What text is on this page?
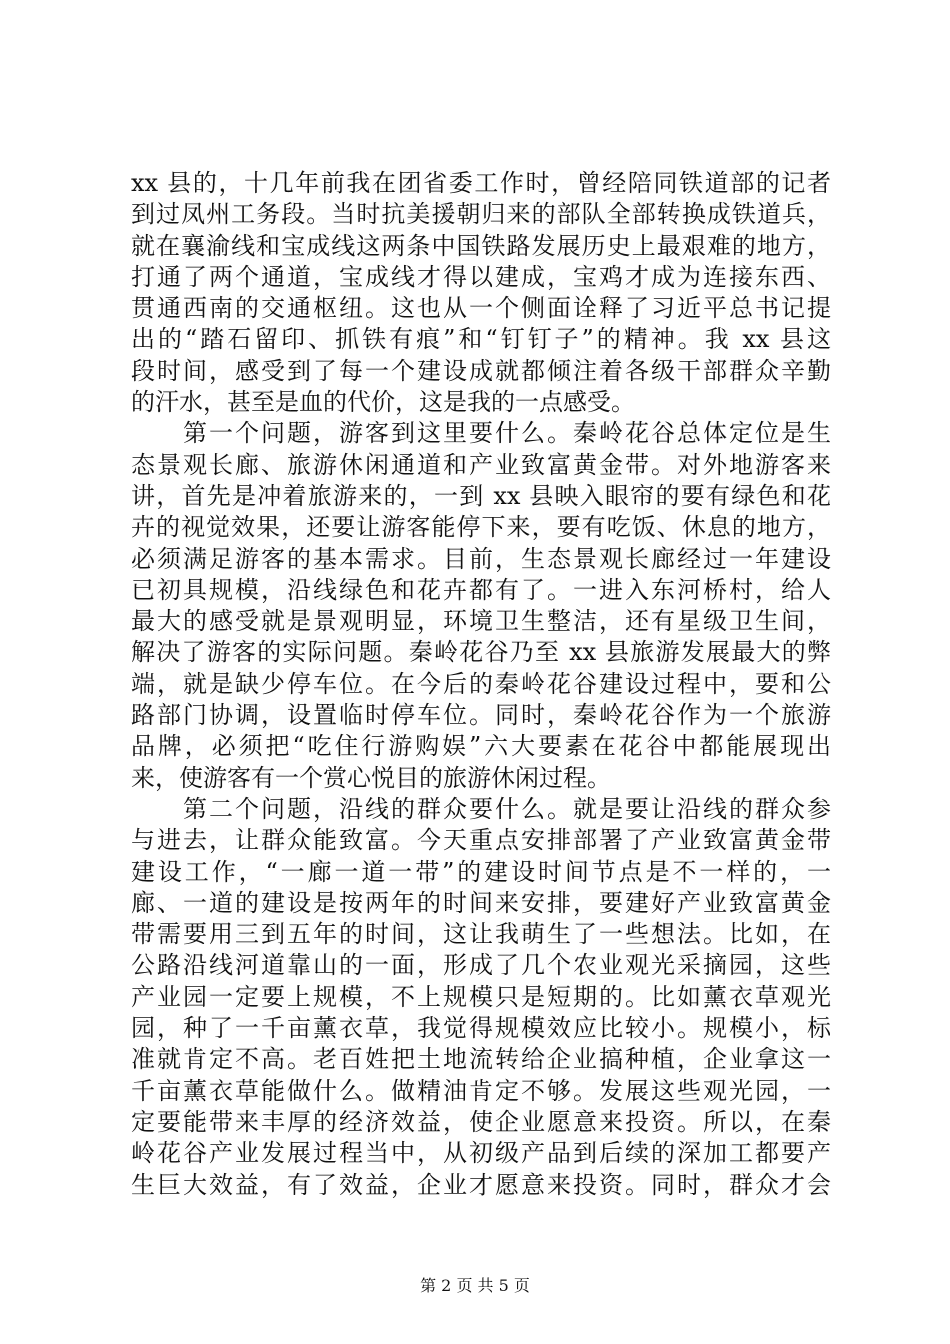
xx 县的，十几年前我在团省委工作时，曾经陪同铁道部的记者
到过凤州工务段。当时抗美援朝归来的部队全部转换成铁道兵，
就在襄渝线和宝成线这两条中国铁路发展历史上最艰难的地方，
打通了两个通道，宝成线才得以建成，宝鸡才成为连接东西、
贯通西南的交通枢纽。这也从一个侧面诠释了习近平总书记提
出的“踏石留印、抓铁有痕”和“钉钉子”的精神。我 xx 县这
段时间，感受到了每一个建设成就都倾注着各级干部群众辛勤
的汗水，甚至是血的代价，这是我的一点感受。
　　第一个问题，游客到这里要什么。秦岭花谷总体定位是生
态景观长廊、旅游休闲通道和产业致富黄金带。对外地游客来
讲，首先是冲着旅游来的，一到 xx 县映入眼帘的要有绿色和花
卉的视觉效果，还要让游客能停下来，要有吃饭、休息的地方，
必须满足游客的基本需求。目前，生态景观长廊经过一年建设
已初具规模，沿线绿色和花卉都有了。一进入东河桥村，给人
最大的感受就是景观明显，环境卫生整洁，还有星级卫生间，
解决了游客的实际问题。秦岭花谷乃至 xx 县旅游发展最大的弊
端，就是缺少停车位。在今后的秦岭花谷建设过程中，要和公
路部门协调，设置临时停车位。同时，秦岭花谷作为一个旅游
品牌，必须把“吃住行游购娱”六大要素在花谷中都能展现出
来，使游客有一个赏心悦目的旅游休闲过程。
　　第二个问题，沿线的群众要什么。就是要让沿线的群众参
与进去，让群众能致富。今天重点安排部署了产业致富黄金带
建设工作，“一廊一道一带”的建设时间节点是不一样的，一
廊、一道的建设是按两年的时间来安排，要建好产业致富黄金
带需要用三到五年的时间，这让我萌生了一些想法。比如，在
公路沿线河道靠山的一面，形成了几个农业观光采摘园，这些
产业园一定要上规模，不上规模只是短期的。比如薰衣草观光
园，种了一千亩薰衣草，我觉得规模效应比较小。规模小，标
准就肯定不高。老百姓把土地流转给企业搞种植，企业拿这一
千亩薰衣草能做什么。做精油肯定不够。发展这些观光园，一
定要能带来丰厚的经济效益，使企业愿意来投资。所以，在秦
岭花谷产业发展过程当中，从初级产品到后续的深加工都要产
生巨大效益，有了效益，企业才愿意来投资。同时，群众才会
第 2 页 共 5 页
